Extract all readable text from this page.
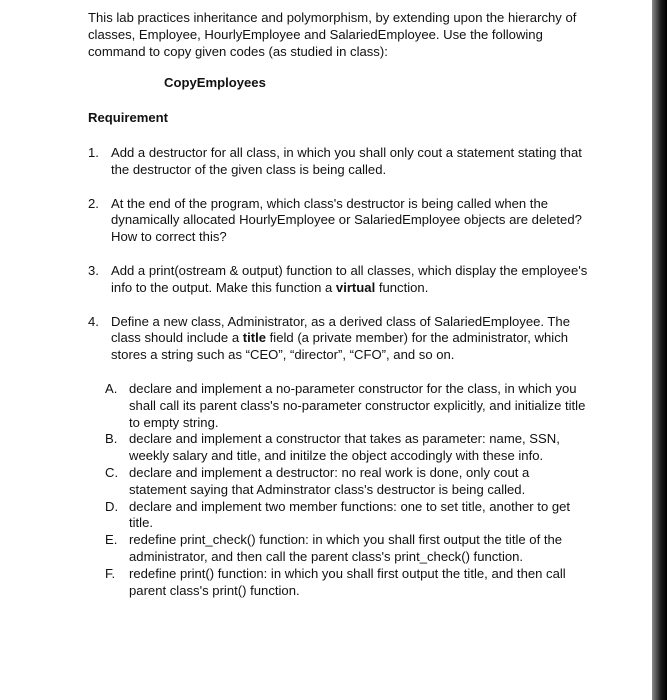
This lab practices inheritance and polymorphism, by extending upon the hierarchy of classes, Employee, HourlyEmployee and SalariedEmployee. Use the following command to copy given codes (as studied in class):

CopyEmployees
Requirement
1. Add a destructor for all class, in which you shall only cout a statement stating that the destructor of the given class is being called.
2. At the end of the program, which class's destructor is being called when the dynamically allocated HourlyEmployee or SalariedEmployee objects are deleted? How to correct this?
3. Add a print(ostream & output) function to all classes, which display the employee's info to the output. Make this function a virtual function.
4. Define a new class, Administrator, as a derived class of SalariedEmployee. The class should include a title field (a private member) for the administrator, which stores a string such as “CEO”, “director”, “CFO”, and so on.
A. declare and implement a no-parameter constructor for the class, in which you shall call its parent class's no-parameter constructor explicitly, and initialize title to empty string.
B. declare and implement a constructor that takes as parameter: name, SSN, weekly salary and title, and initilze the object accodingly with these info.
C. declare and implement a destructor: no real work is done, only cout a statement saying that Adminstrator class's destructor is being called.
D. declare and implement two member functions: one to set title, another to get title.
E. redefine print_check() function: in which you shall first output the title of the administrator, and then call the parent class's print_check() function.
F. redefine print() function: in which you shall first output the title, and then call parent class's print() function.
